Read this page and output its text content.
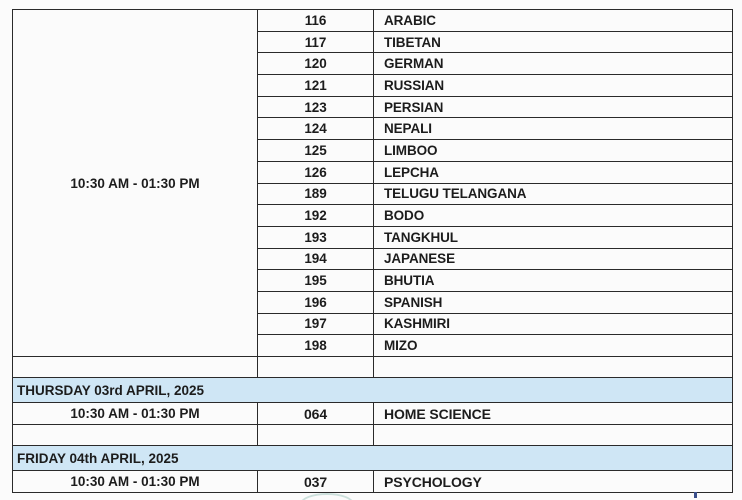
10:30 AM - 01:30 PM	116	ARABIC
	117	TIBETAN
	120	GERMAN
	121	RUSSIAN
	123	PERSIAN
	124	NEPALI
	125	LIMBOO
	126	LEPCHA
	189	TELUGU TELANGANA
	192	BODO
	193	TANGKHUL
	194	JAPANESE
	195	BHUTIA
	196	SPANISH
	197	KASHMIRI
	198	MIZO

THURSDAY 03rd APRIL, 2025		
10:30 AM - 01:30 PM	064	HOME SCIENCE

FRIDAY 04th APRIL, 2025		
10:30 AM - 01:30 PM	037	PSYCHOLOGY
